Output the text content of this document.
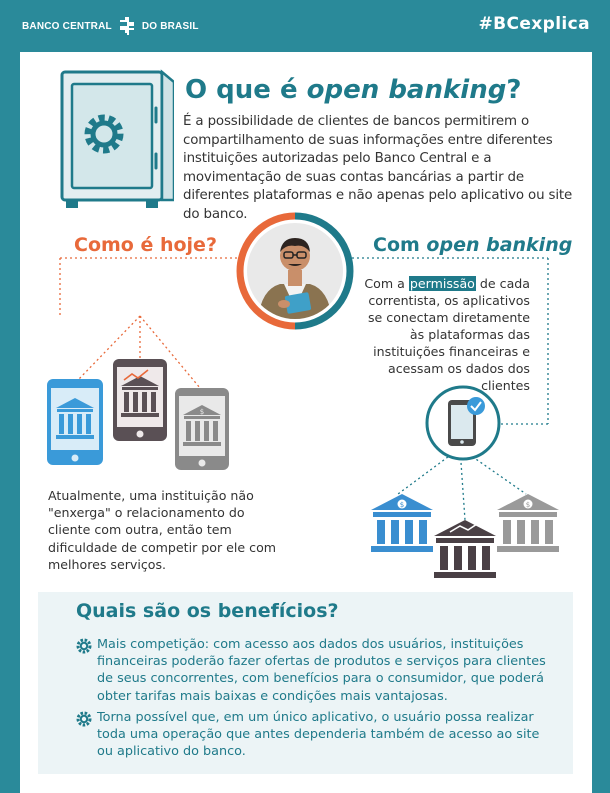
BANCO CENTRAL	DO BRASIL	#BCexplica
O que é open banking?

É a possibilidade de clientes de bancos permitirem o compartilhamento de suas informações entre diferentes instituições autorizadas pelo Banco Central e a movimentação de suas contas bancárias a partir de diferentes plataformas e não apenas pelo aplicativo ou site do banco.

Como é hoje?	Com open banking
Com a permissão de cada correntista, os aplicativos se conectam diretamente às plataformas das instituições financeiras e acessam os dados dos clientes
$
Atualmente, uma instituição não "enxerga" o relacionamento do cliente com outra, então tem dificuldade de competir por ele com melhores serviços.
$	$
Quais são os benefícios?
Mais competição: com acesso aos dados dos usuários, instituições financeiras poderão fazer ofertas de produtos e serviços para clientes de seus concorrentes, com benefícios para o consumidor, que poderá obter tarifas mais baixas e condições mais vantajosas.
Torna possível que, em um único aplicativo, o usuário possa realizar toda uma operação que antes dependeria também de acesso ao site ou aplicativo do banco.
